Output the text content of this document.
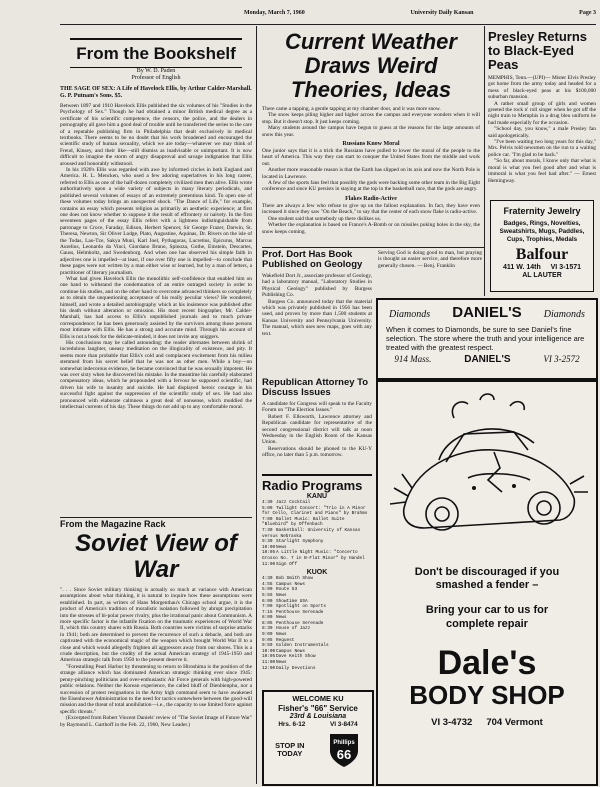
Monday, March 7, 1960	University Daily Kansan	Page 3
From the Bookshelf
By W. D. Paden
Professor of English
THE SAGE OF SEX: A Life of Havelock Ellis, by Arthur Calder-Marshall. G. P. Putnam's Sons. $5.

Between 1897 and 1910 Havelock Ellis published the six volumes of his "Studies in the Psychology of Sex." Though he had obtained a minor British medical degree as a certificate of his scientific competence, the censors, the police, and the dealers in pornography all gave him a good deal of trouble until he transferred the series to the care of a reputable publishing firm in Philadelphia that dealt exclusively in medical textbooks. There seems to be no doubt that his work broadened and encouraged the scientific study of human sexuality, which we are today—whatever we may think of Freud, Kinsey, and their like—still dismiss as inadvisable or unimportant. It is now difficult to imagine the storm of angry disapproval and savage indignation that Ellis aroused and honorably withstood.

In his 1920's Ellis was regarded with awe by informed circles in both England and America. H. L. Mencken, who used a few adoring superlatives in his long career, referred to Ellis as one of the half-dozen completely civilized men then alive. Ellis wrote authoritatively upon a wide variety of subjects in many literary periodicals, and published several volumes of essays of an extremely pretentious kind. To open one of these volumes today brings an unexpected shock. "The Dance of Life," for example, contains an essay which presents religion as primarily an aesthetic experience; at first one does not know whether to suppose it the result of effrontery or naivety. In the first seventeen pages of the essay Ellis refers with a lightness indistinguishable from patronage to Croce, Faraday, Edison, Herbert Spencer, Sir George Frazer, Darwin, St. Theresa, Newton, Sir Oliver Lodge, Plato, Augustine, Aquinas, Dr. Rivers on the isle of the Todas, Lao-Tze, Sakya Muni, Karl Joel, Pythagoras, Lucretius, Epicurus, Marcus Aurelius, Leonardo da Vinci, Giordano Bruno, Spinoza, Gothe, Einstein, Descartes, Gauss, Helmholtz, and Swedenborg. And when one has observed his simple faith in adjectives one is impelled—at least, if one over fifty one is impelled—to conclude that these pages were not written by a man either wise or learned, but by a man of letters, a practitioner of literary journalism.

What had given Havelock Ellis the monolithic self-confidence that enabled him on one hand to withstand the condemnation of an entire outraged society in order to continue his studies, and on the other hand to overcome advanced thinkers so completely as to obtain the unquestioning acceptance of his really peculiar views? He wondered, himself, and wrote a detailed autobiography which at his insistence was published after his death without alteration or omission. His most recent biographer, Mr. Calder-Marshall, has had access to Ellis's unpublished journals and to much private correspondence; he has been generously assisted by the survivors among those persons most intimate with Ellis. He has a strong and accurate mind. Through his account of Ellis is not a book for the delicate-minded, it does not invite any sniggers.

His conclusions may be called astounding: the reader alternates between shrink of incredulous laughter, uneasy meditation on the illogicality of existence, and pity. It seems more than probable that Ellis's cold and complacent excitement from his milieu stemmed from his secret belief that he was not as other men. While a boy—on somewhat indecorous evidence, he became convinced that he was sexually impotent. He was over sixty when he discovered his mistake. In the meantime his carefully elaborated compensatory ideas, which he propounded with a fervour he supposed scientific, had driven his wife to insanity and suicide. He had displayed heroic courage in his successful fight against the suppression of the scientific study of sex. He had also pronounced with elaborate calmness a great deal of nonsense, which muddied the intellectual currents of his day. These things do not add up to any comfortable moral.

From the Magazine Rack
Soviet View of War

". . . Since Soviet military thinking is actually so much at variance with American assumptions about what thinking, it is natural to inquire how these assumptions were established. In part, as writers of Hans Morgenthau's Chicago school argue, it is the product of America's tradition of moralistic isolation followed by abrupt precipitation into the stresses of bi-polar power rivalry, plus the irrational panic about Communism. A more specific factor is the infantile fixation on the traumatic experiences of World War II, which this country shares with Russia. Both countries were victims of surprise attacks in 1941; both are determined to prevent the recurrence of such a debacle, and both are captivated with the economical magic of the weapon which brought World War II to a close and which would allegedly frighten all aggressors away from our shores. This is a crude description, but the crudity of the actual American strategy of 1945-1950 and American strategic talk from 1950 to the present deserve it.

"Forestalling Pearl Harbor by threatening to return to Hiroshima is the position of the strange alliance which has dominated American strategic thinking ever since 1945: penny-pinching politicians and over-enthusiastic Air Force generals with high-powered public relations. Neither the Korean experience, the called bluff of Dienbienphu, nor a succession of protest resignations in the Army high command seem to have awakened the Eisenhower Administration to the need for tactics somewhere between the good-will mission and the threat of total annihilation—i.e., the capacity to use limited force against specific threats."

(Excerpted from Robert Vincent Daniels' review of "The Soviet Image of Future War" by Raymond L. Garthoff in the Feb. 22, 1960, New Leader.)

Current Weather Draws Weird Theories, Ideas

There came a tapping, a gentle tapping at my chamber door, and it was more snow.

The snow keeps piling higher and higher across the campus and everyone wonders when it will stop. But it doesn't stop. It just keeps coming.

Many students around the campus have begun to guess at the reasons for the large amounts of snow this year.

Russians Know Moral

One junior says that it is a trick the Russians have pulled to lower the moral of the people to the heart of America. This way they can start to conquer the United States from the middle and work out.

Another more reasonable reason is that the Earth has slipped on its axis and now the North Pole is located in Lawrence.

A few of the sports fans feel that possibly the gods were backing some other team in the Big Eight conference and since KU persists in staying at the top in the basketball race, that the gods are angry.

Flakes Radio-Active

There are always a few who refuse to give up on the fallout explanation. In fact, they have even increased it since they saw "On the Beach," to say that the center of each snow flake is radio-active.

One student said that somebody up there dislikes us.

Whether the explanation is based on France's A-Bomb or on missiles poking holes in the sky, the snow keeps coming.

Presley Returns to Black-Eyed Peas

MEMPHIS, Tenn.—(UPI)— Mister Elvis Presley got home from the army today and headed for a mess of black-eyed peas at his $100,000 suburban mansion.

A rather small group of girls and women greeted the rock n' roll singer when he got off the night train to Memphis in a drug bleu uniform he had made especially for the occasion.

"School day, you know," a male Presley fan said apologetically.

"I've been waiting two long years for this day," Mrs. Pelvis told newsmen on the run to a waiting police car. "I'm glad to be back."

"So far, about morals, I know only that what is moral is what you feel good after and what is immoral is what you feel bad after." — Ernest Hemingway.

Fraternity Jewelry
Badges, Rings, Novelties, Sweatshirts, Mugs, Paddles, Cups, Trophies, Medals
Balfour
411 W. 14th VI 3-1571
AL LAUTER

Serving God is doing good to man, but praying is thought an easier service, and therefore more generally chosen. — Benj. Franklin

Prof. Dort Has Book Published on Geology

Wakefield Dort Jr., associate professor of Geology, had a laboratory manual, "Laboratory Studies in Physical Geology" published by Burgess Publishing Co.

Burgess Co. announced today that the material which was privately published in 1956 has been used, and proven by more than 1,500 students at Kansas University and Pennsylvania University. The manual, which uses new maps, goes with any text.

Republican Attorney To Discuss Issues

A candidate for Congress will speak to the Faculty Forum on "The Election Issues."

Robert F. Ellsworth, Lawrence attorney and Republican candidate for representative of the second congressional district will talk at noon Wednesday in the English Room of the Kansas Union.

Reservations should be phoned to the KU-Y office, no later than 5 p.m. tomorrow.

Radio Programs
KANU
4:30 Jazz Cocktail
5:00 Twilight Concert: "Trio in A Minor for Cello, Clarinet and Piano" by Brahms
7:00 Ballet Music: Ballet Suite "Bluebird" by Offenbach
7:30 Basketball: University of Kansas versus Nebraska
9:30 Starlight Symphony
10:00News
10:05A Little Night Music: "Concerto Grosso No. 7 in B-Flat Minor" by Handel
11:00Sign Off
KUOK
4:30 Bob Smith Show
4:55 Campus News
5:00 Route 53
5:55 News
6:00 Showtime USA
7:00 Spotlight on Sports
7:15 Penthouse Serenade
8:00 News
8:05 Penthouse Serenade
8:30 House of Jazz
9:00 News
9:05 Request
9:59 Golden Instrumentals
10:00Campus News
10:05Dave Keith Show
11:00News
12:00Daily Devotions
Diamonds DANIEL'S Diamonds
When it comes to Diamonds, be sure to see Daniel's fine selection. The store where the truth and your intelligence are treated with the greatest respect.
914 Mass.	DANIEL'S	VI 3-2572
Don't be discouraged if you
smashed a fender –
Bring your car to us for
complete repair
Dale's
BODY SHOP
VI 3-4732 704 Vermont
WELCOME KU
Fisher's "66" Service
23rd & Louisiana
Hrs. 6-12	VI 3-8474
STOP IN
TODAY
Phillips
66
